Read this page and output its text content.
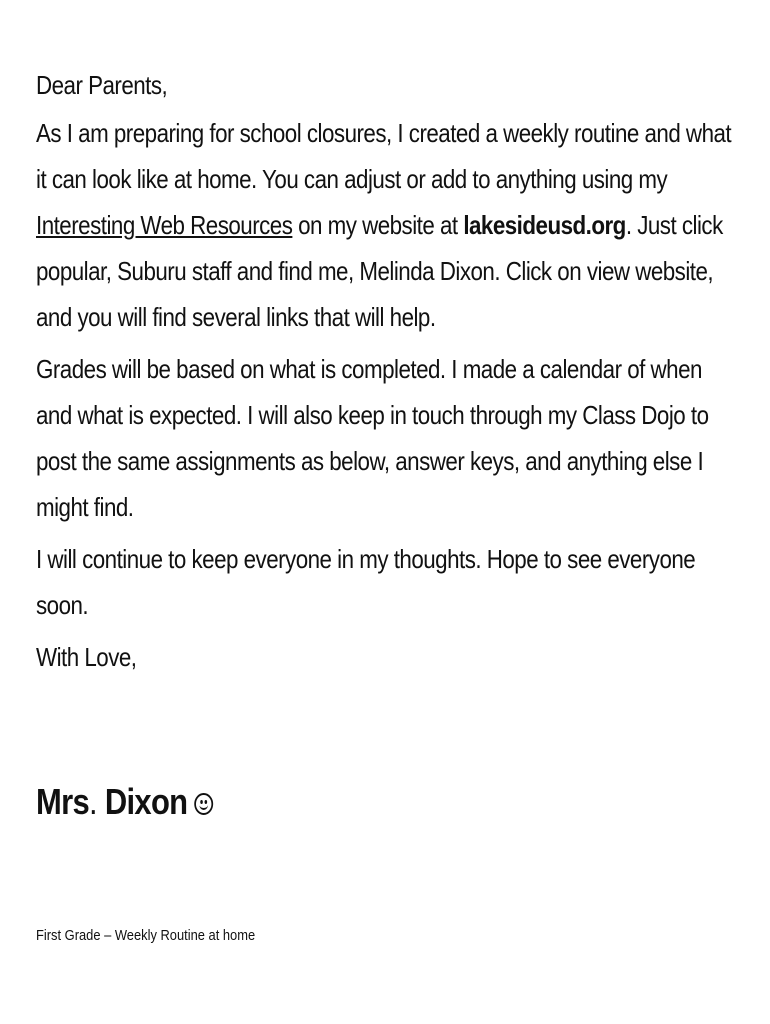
Dear Parents,

As I am preparing for school closures, I created a weekly routine and what it can look like at home. You can adjust or add to anything using my Interesting Web Resources on my website at lakesideusd.org. Just click popular, Suburu staff and find me, Melinda Dixon. Click on view website, and you will find several links that will help.

Grades will be based on what is completed. I made a calendar of when and what is expected. I will also keep in touch through my Class Dojo to post the same assignments as below, answer keys, and anything else I might find.

I will continue to keep everyone in my thoughts. Hope to see everyone soon.

With Love,

Mrs. Dixon
First Grade – Weekly Routine at home
